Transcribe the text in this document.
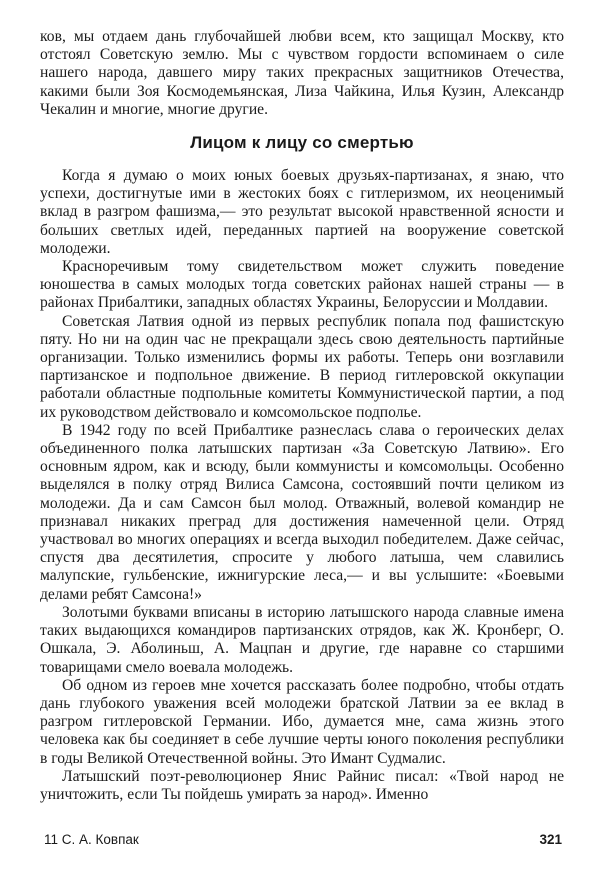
ков, мы отдаем дань глубочайшей любви всем, кто защищал Москву, кто отстоял Советскую землю. Мы с чувством гордости вспоминаем о силе нашего народа, давшего миру таких прекрасных защитников Отечества, какими были Зоя Космодемьянская, Лиза Чайкина, Илья Кузин, Александр Чекалин и многие, многие другие.

Лицом к лицу со смертью

Когда я думаю о моих юных боевых друзьях-партизанах, я знаю, что успехи, достигнутые ими в жестоких боях с гитлеризмом, их неоценимый вклад в разгром фашизма,— это результат высокой нравственной ясности и больших светлых идей, переданных партией на вооружение советской молодежи.

Красноречивым тому свидетельством может служить поведение юношества в самых молодых тогда советских районах нашей страны — в районах Прибалтики, западных областях Украины, Белоруссии и Молдавии.

Советская Латвия одной из первых республик попала под фашистскую пяту. Но ни на один час не прекращали здесь свою деятельность партийные организации. Только изменились формы их работы. Теперь они возглавили партизанское и подпольное движение. В период гитлеровской оккупации работали областные подпольные комитеты Коммунистической партии, а под их руководством действовало и комсомольское подполье.

В 1942 году по всей Прибалтике разнеслась слава о героических делах объединенного полка латышских партизан «За Советскую Латвию». Его основным ядром, как и всюду, были коммунисты и комсомольцы. Особенно выделялся в полку отряд Вилиса Самсона, состоявший почти целиком из молодежи. Да и сам Самсон был молод. Отважный, волевой командир не признавал никаких преград для достижения намеченной цели. Отряд участвовал во многих операциях и всегда выходил победителем. Даже сейчас, спустя два десятилетия, спросите у любого латыша, чем славились малупские, гульбенские, ижнигурские леса,— и вы услышите: «Боевыми делами ребят Самсона!»

Золотыми буквами вписаны в историю латышского народа славные имена таких выдающихся командиров партизанских отрядов, как Ж. Кронберг, О. Ошкала, Э. Аболиньш, А. Мацпан и другие, где наравне со старшими товарищами смело воевала молодежь.

Об одном из героев мне хочется рассказать более подробно, чтобы отдать дань глубокого уважения всей молодежи братской Латвии за ее вклад в разгром гитлеровской Германии. Ибо, думается мне, сама жизнь этого человека как бы соединяет в себе лучшие черты юного поколения республики в годы Великой Отечественной войны. Это Имант Судмалис.

Латышский поэт-революционер Янис Райнис писал: «Твой народ не уничтожить, если Ты пойдешь умирать за народ». Именно

11 С. А. Ковпак	321
